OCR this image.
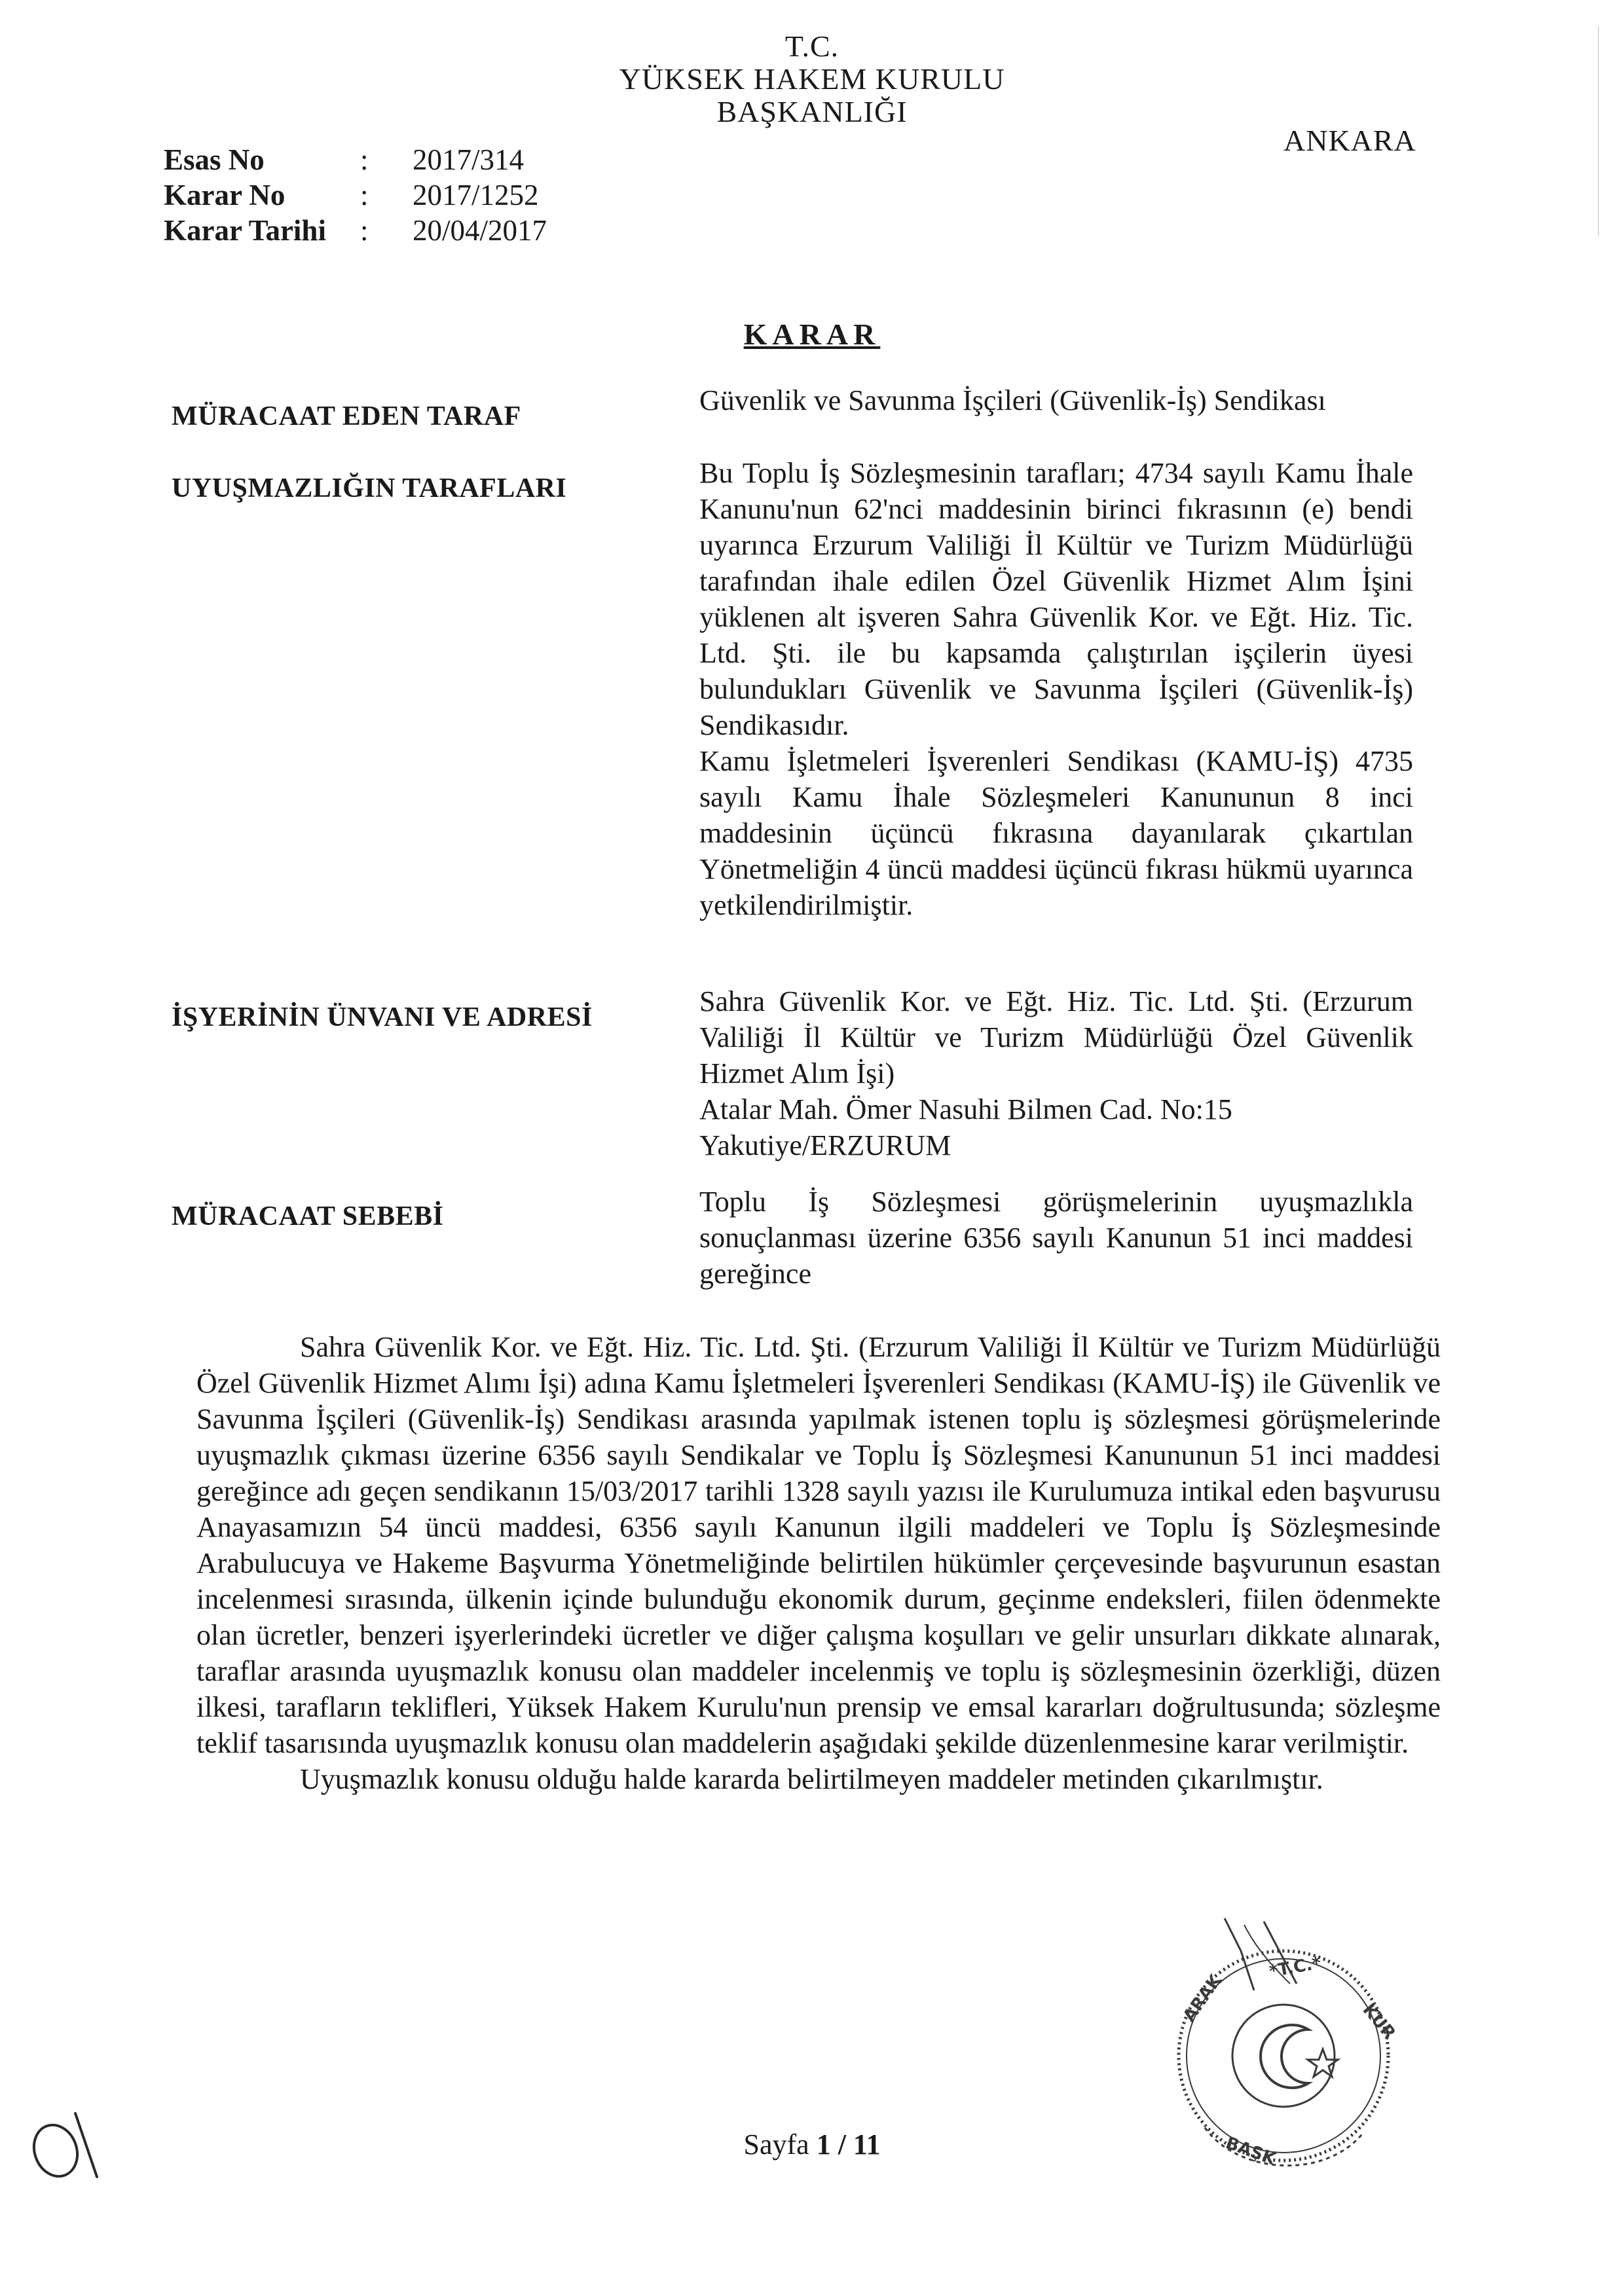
T.C.
YÜKSEK HAKEM KURULU
BAŞKANLIĞI
ANKARA
Esas No	: 2017/314
Karar No	: 2017/1252
Karar Tarihi : 20/04/2017
KARAR
MÜRACAAT EDEN TARAF	Güvenlik ve Savunma İşçileri (Güvenlik-İş) Sendikası

UYUŞMAZLIĞIN TARAFLARI	Bu Toplu İş Sözleşmesinin tarafları; 4734 sayılı Kamu İhale Kanunu'nun 62'nci maddesinin birinci fıkrasının (e) bendi uyarınca Erzurum Valiliği İl Kültür ve Turizm Müdürlüğü tarafından ihale edilen Özel Güvenlik Hizmet Alım İşini yüklenen alt işveren Sahra Güvenlik Kor. ve Eğt. Hiz. Tic. Ltd. Şti. ile bu kapsamda çalıştırılan işçilerin üyesi bulundukları Güvenlik ve Savunma İşçileri (Güvenlik-İş) Sendikasıdır.

Kamu İşletmeleri İşverenleri Sendikası (KAMU-İŞ) 4735 sayılı Kamu İhale Sözleşmeleri Kanununun 8 inci maddesinin üçüncü fıkrasına dayanılarak çıkartılan Yönetmeliğin 4 üncü maddesi üçüncü fıkrası hükmü uyarınca yetkilendirilmiştir.

İŞYERİNİN ÜNVANI VE ADRESİ	Sahra Güvenlik Kor. ve Eğt. Hiz. Tic. Ltd. Şti. (Erzurum Valiliği İl Kültür ve Turizm Müdürlüğü Özel Güvenlik Hizmet Alım İşi)

Atalar Mah. Ömer Nasuhi Bilmen Cad. No:15

Yakutiye/ERZURUM

MÜRACAAT SEBEBİ	Toplu İş Sözleşmesi görüşmelerinin uyuşmazlıkla sonuçlanması üzerine 6356 sayılı Kanunun 51 inci maddesi gereğince

Sahra Güvenlik Kor. ve Eğt. Hiz. Tic. Ltd. Şti. (Erzurum Valiliği İl Kültür ve Turizm Müdürlüğü Özel Güvenlik Hizmet Alımı İşi) adına Kamu İşletmeleri İşverenleri Sendikası (KAMU-İŞ) ile Güvenlik ve Savunma İşçileri (Güvenlik-İş) Sendikası arasında yapılmak istenen toplu iş sözleşmesi görüşmelerinde uyuşmazlık çıkması üzerine 6356 sayılı Sendikalar ve Toplu İş Sözleşmesi Kanununun 51 inci maddesi gereğince adı geçen sendikanın 15/03/2017 tarihli 1328 sayılı yazısı ile Kurulumuza intikal eden başvurusu Anayasamızın 54 üncü maddesi, 6356 sayılı Kanunun ilgili maddeleri ve Toplu İş Sözleşmesinde Arabulucuya ve Hakeme Başvurma Yönetmeliğinde belirtilen hükümler çerçevesinde başvurunun esastan incelenmesi sırasında, ülkenin içinde bulunduğu ekonomik durum, geçinme endeksleri, fiilen ödenmekte olan ücretler, benzeri işyerlerindeki ücretler ve diğer çalışma koşulları ve gelir unsurları dikkate alınarak, taraflar arasında uyuşmazlık konusu olan maddeler incelenmiş ve toplu iş sözleşmesinin özerkliği, düzen ilkesi, tarafların teklifleri, Yüksek Hakem Kurulu'nun prensip ve emsal kararları doğrultusunda; sözleşme teklif tasarısında uyuşmazlık konusu olan maddelerin aşağıdaki şekilde düzenlenmesine karar verilmiştir.

Uyuşmazlık konusu olduğu halde kararda belirtilmeyen maddeler metinden çıkarılmıştır.

*T.C.*
ARAK	KUR
BAŞK
Sayfa 1 / 11
